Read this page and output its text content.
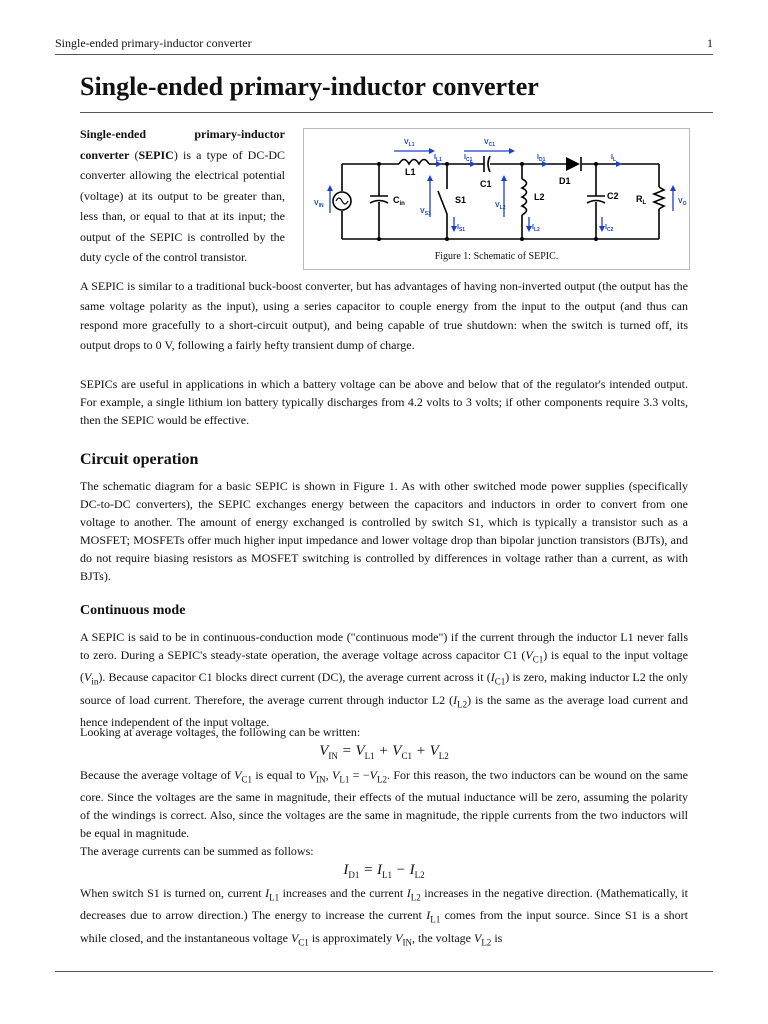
Single-ended primary-inductor converter	1
Single-ended primary-inductor converter
Single-ended primary-inductor converter (SEPIC) is a type of DC-DC converter allowing the electrical potential (voltage) at its output to be greater than, less than, or equal to that at its input; the output of the SEPIC is controlled by the duty cycle of the control transistor.
L1
C1
L2
D1
C2 $R_L$
S1
$C_{in}$
$V_{L1}$	$V_{C1}$
$I_{L1}$	$I_{C1}$	$I_{D1}$	$I_L$
$V_{IN}$
$V_{S1}$
$V_{L2}$
$I_{S1}$	$I_{L2}$	$I_{C2}$
$V_O$
Figure 1: Schematic of SEPIC.

A SEPIC is similar to a traditional buck-boost converter, but has advantages of having non-inverted output (the output has the same voltage polarity as the input), using a series capacitor to couple energy from the input to the output (and thus can respond more gracefully to a short-circuit output), and being capable of true shutdown: when the switch is turned off, its output drops to 0 V, following a fairly hefty transient dump of charge.

SEPICs are useful in applications in which a battery voltage can be above and below that of the regulator's intended output. For example, a single lithium ion battery typically discharges from 4.2 volts to 3 volts; if other components require 3.3 volts, then the SEPIC would be effective.

Circuit operation

The schematic diagram for a basic SEPIC is shown in Figure 1. As with other switched mode power supplies (specifically DC-to-DC converters), the SEPIC exchanges energy between the capacitors and inductors in order to convert from one voltage to another. The amount of energy exchanged is controlled by switch S1, which is typically a transistor such as a MOSFET; MOSFETs offer much higher input impedance and lower voltage drop than bipolar junction transistors (BJTs), and do not require biasing resistors as MOSFET switching is controlled by differences in voltage rather than a current, as with BJTs).

Continuous mode

A SEPIC is said to be in continuous-conduction mode ("continuous mode") if the current through the inductor L1 never falls to zero. During a SEPIC's steady-state operation, the average voltage across capacitor C1 $(V_{C1})$ is equal to the input voltage $(V_{in})$. Because capacitor C1 blocks direct current (DC), the average current across it $(I_{C1})$ is zero, making inductor L2 the only source of load current. Therefore, the average current through inductor L2 $(I_{L2})$ is the same as the average load current and hence independent of the input voltage.

Looking at average voltages, the following can be written:

$V_{IN} = V_{L1} + V_{C1} + V_{L2}$

Because the average voltage of $V_{C1}$ is equal to $V_{IN}$, $V_{L1} = -V_{L2}$. For this reason, the two inductors can be wound on the same core. Since the voltages are the same in magnitude, their effects of the mutual inductance will be zero, assuming the polarity of the windings is correct. Also, since the voltages are the same in magnitude, the ripple currents from the two inductors will be equal in magnitude.

The average currents can be summed as follows:

$I_{D1} = I_{L1} - I_{L2}$

When switch S1 is turned on, current $I_{L1}$ increases and the current $I_{L2}$ increases in the negative direction. (Mathematically, it decreases due to arrow direction.) The energy to increase the current $I_{L1}$ comes from the input source. Since S1 is a short while closed, and the instantaneous voltage $V_{C1}$ is approximately $V_{IN}$, the voltage $V_{L2}$ is
